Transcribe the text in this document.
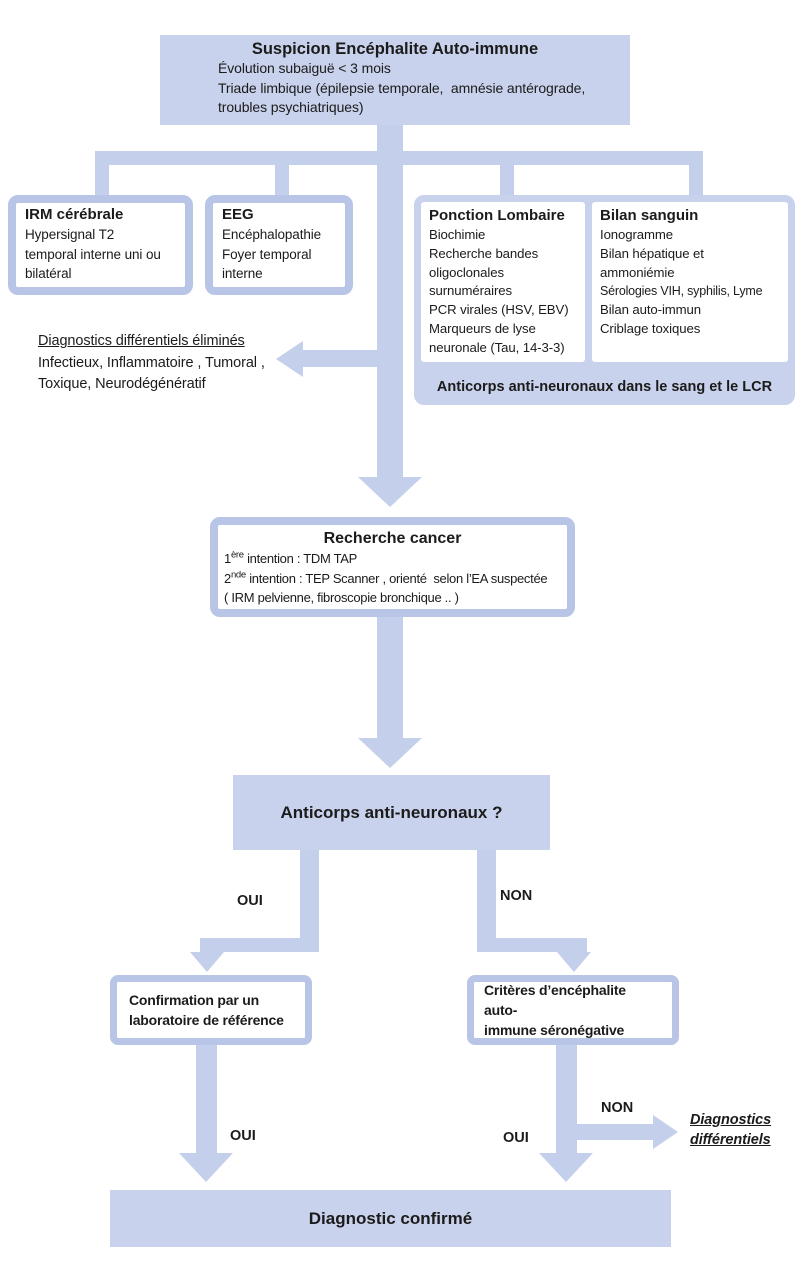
Suspicion Encéphalite Auto-immune
Évolution subaiguë < 3 mois
Triade limbique (épilepsie temporale,  amnésie antérograde,
troubles psychiatriques)
IRM cérébrale
Hypersignal T2
temporal interne uni ou
bilatéral
EEG
Encéphalopathie
Foyer temporal
interne
Ponction Lombaire
Biochimie
Recherche bandes
oligoclonales
surnuméraires
PCR virales (HSV, EBV)
Marqueurs de lyse
neuronale (Tau, 14-3-3)
Bilan sanguin
Ionogramme
Bilan hépatique et
ammoniémie
Sérologies VIH, syphilis, Lyme
Bilan auto-immun
Criblage toxiques
Anticorps anti-neuronaux dans le sang et le LCR
Diagnostics différentiels éliminés
Infectieux, Inflammatoire , Tumoral ,
Toxique, Neurodégénératif
Recherche cancer
1ère intention : TDM TAP
2nde intention : TEP Scanner , orienté  selon l’EA suspectée
( IRM pelvienne, fibroscopie bronchique .. )
Anticorps anti-neuronaux ?
OUI	NON
Confirmation par un
laboratoire de référence
Critères d’encéphalite auto-
immune séronégative
OUI	OUI
NON
Diagnostics
différentiels
Diagnostic confirmé
